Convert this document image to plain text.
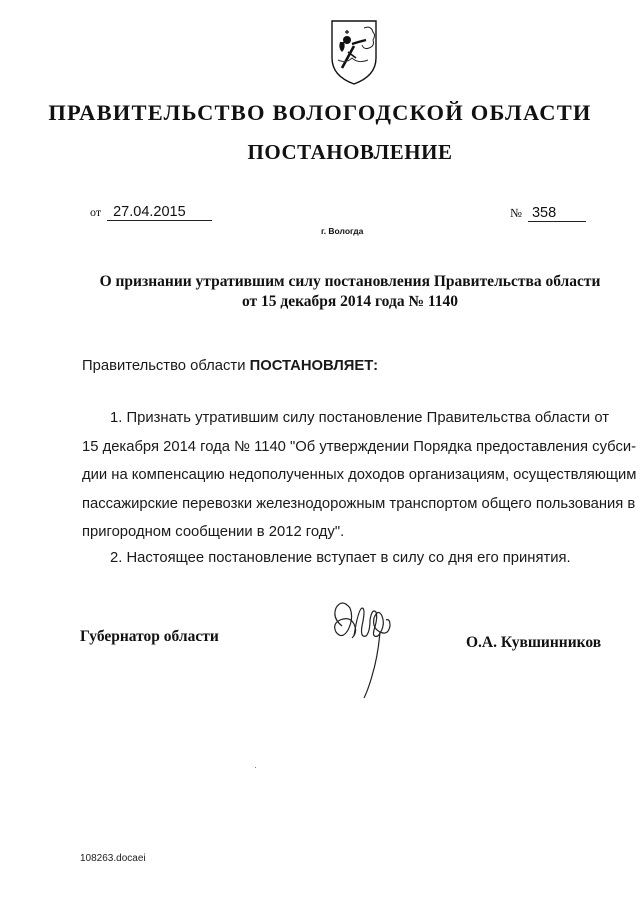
ПРАВИТЕЛЬСТВО ВОЛОГОДСКОЙ ОБЛАСТИ
ПОСТАНОВЛЕНИЕ
от 27.04.2015	№ 358
г. Вологда
О признании утратившим силу постановления Правительства области
от 15 декабря 2014 года № 1140
Правительство области ПОСТАНОВЛЯЕТ:
1. Признать утратившим силу постановление Правительства области от
15 декабря 2014 года № 1140 "Об утверждении Порядка предоставления субси-
дии на компенсацию недополученных доходов организациям, осуществляющим
пассажирские перевозки железнодорожным транспортом общего пользования в
пригородном сообщении в 2012 году".
2. Настоящее постановление вступает в силу со дня его принятия.
Губернатор области	О.А. Кувшинников
108263.docaei
